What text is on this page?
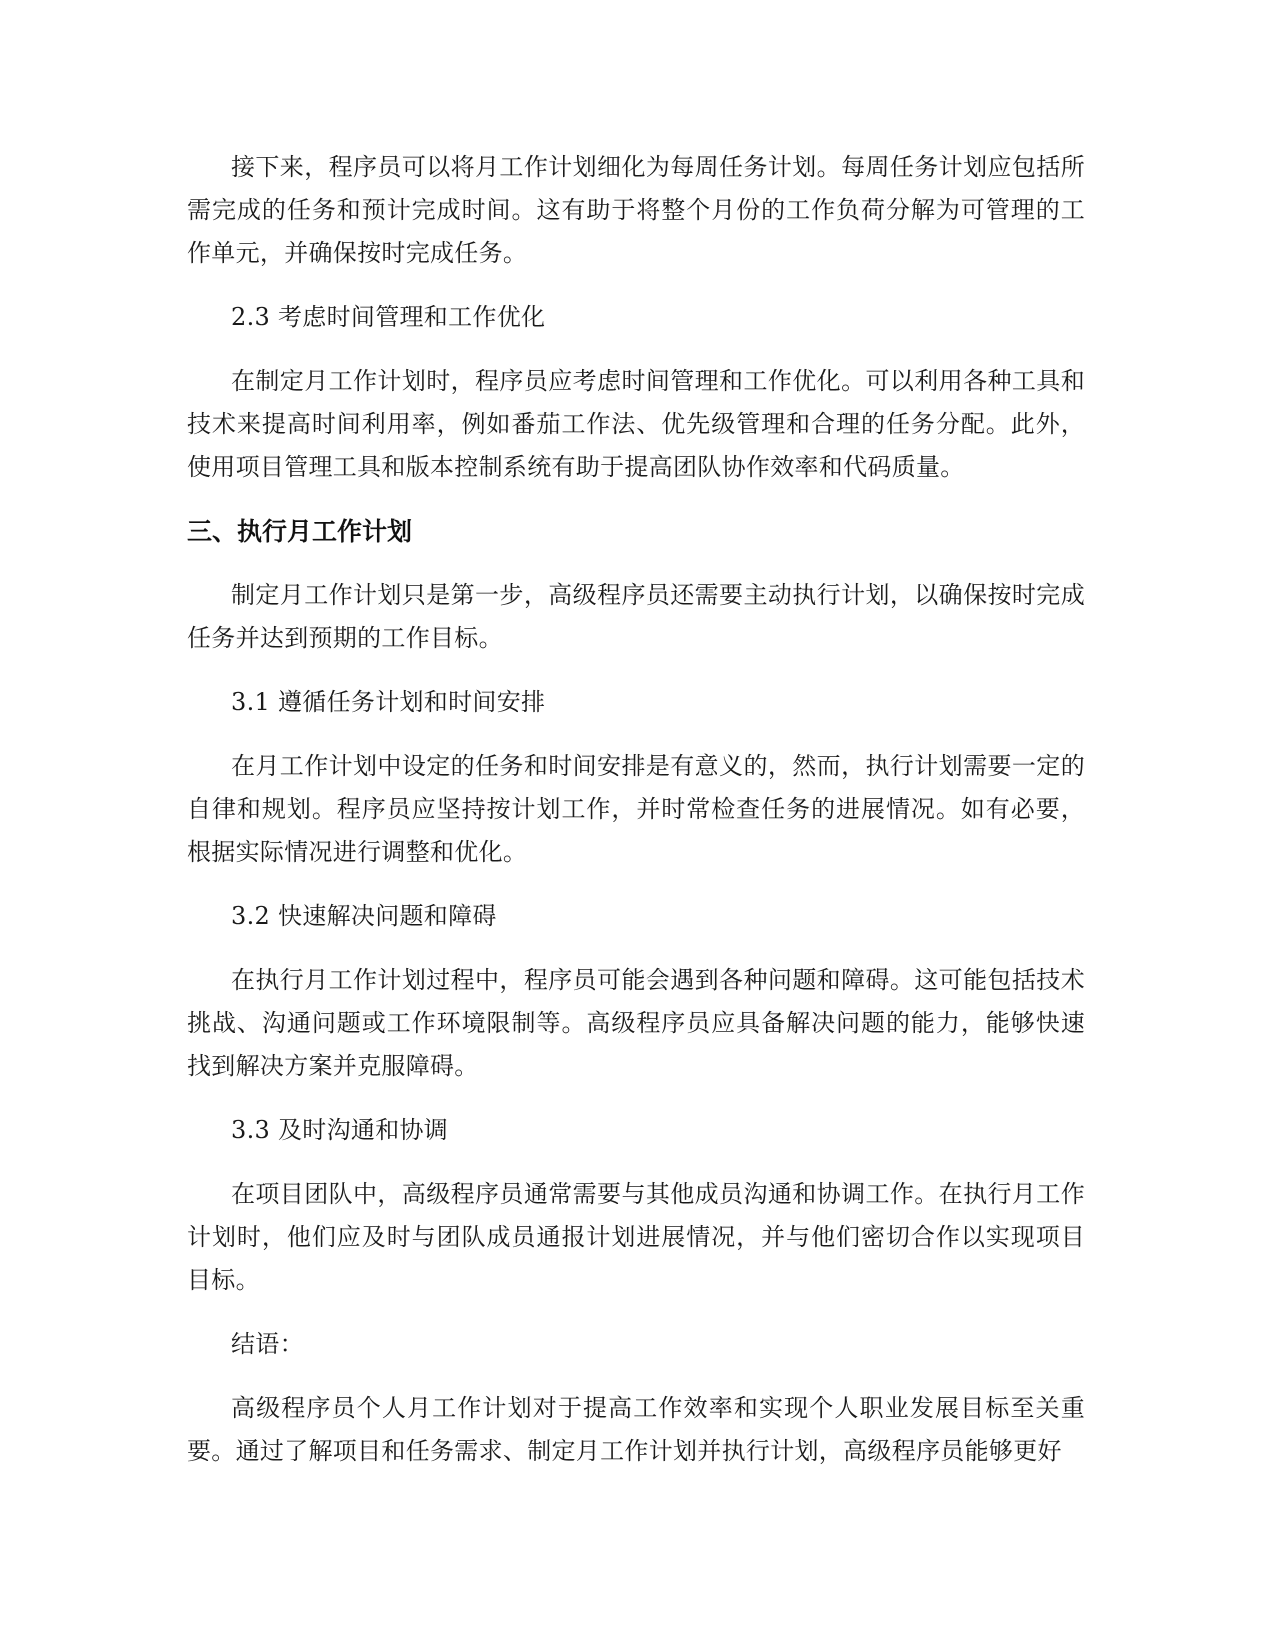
接下来，程序员可以将月工作计划细化为每周任务计划。每周任务计划应包括所需完成的任务和预计完成时间。这有助于将整个月份的工作负荷分解为可管理的工作单元，并确保按时完成任务。

2.3 考虑时间管理和工作优化

在制定月工作计划时，程序员应考虑时间管理和工作优化。可以利用各种工具和技术来提高时间利用率，例如番茄工作法、优先级管理和合理的任务分配。此外，使用项目管理工具和版本控制系统有助于提高团队协作效率和代码质量。

三、执行月工作计划

制定月工作计划只是第一步，高级程序员还需要主动执行计划，以确保按时完成任务并达到预期的工作目标。

3.1 遵循任务计划和时间安排

在月工作计划中设定的任务和时间安排是有意义的，然而，执行计划需要一定的自律和规划。程序员应坚持按计划工作，并时常检查任务的进展情况。如有必要，根据实际情况进行调整和优化。

3.2 快速解决问题和障碍

在执行月工作计划过程中，程序员可能会遇到各种问题和障碍。这可能包括技术挑战、沟通问题或工作环境限制等。高级程序员应具备解决问题的能力，能够快速找到解决方案并克服障碍。

3.3 及时沟通和协调

在项目团队中，高级程序员通常需要与其他成员沟通和协调工作。在执行月工作计划时，他们应及时与团队成员通报计划进展情况，并与他们密切合作以实现项目目标。

结语：

高级程序员个人月工作计划对于提高工作效率和实现个人职业发展目标至关重要。通过了解项目和任务需求、制定月工作计划并执行计划，高级程序员能够更好
